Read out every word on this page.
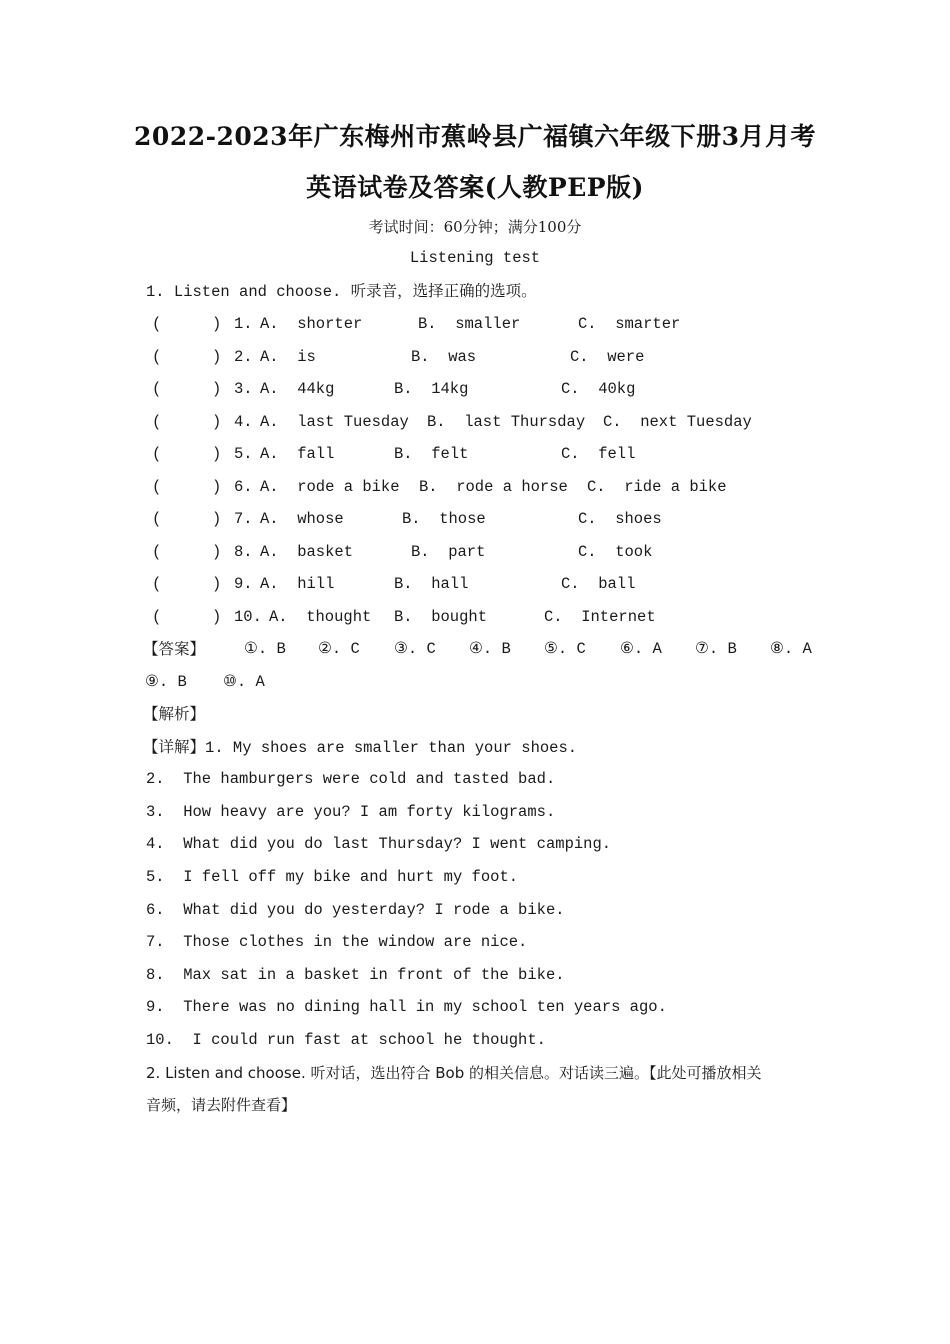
2022-2023年广东梅州市蕉岭县广福镇六年级下册3月月考
英语试卷及答案(人教PEP版)
考试时间：60分钟；满分100分
Listening test
1. Listen and choose. 听录音，选择正确的选项。
(	) 1. A.  shorter	B.  smaller	C.  smarter
(	) 2. A.  is	B.  was	C.  were
(	) 3. A.  44kg	B.  14kg	C.  40kg
(	) 4. A.  last Tuesday B.  last Thursday C.  next Tuesday
(	) 5. A.  fall	B.  felt	C.  fell
(	) 6. A.  rode a bike B.  rode a horse C.  ride a bike
(	) 7. A.  whose	B.  those	C.  shoes
(	) 8. A.  basket	B.  part	C.  took
(	) 9. A.  hill	B.  hall	C.  ball
(	) 10. A.  thought B.  bought	C.  Internet

【答案】

	①. B

②. C

③. C

④. B

⑤. C

⑥. A

⑦. B

⑧. A

⑨. B

⑩. A

【解析】
【详解】1. My shoes are smaller than your shoes.
2.  The hamburgers were cold and tasted bad.
3.  How heavy are you? I am forty kilograms.
4.  What did you do last Thursday? I went camping.
5.  I fell off my bike and hurt my foot.
6.  What did you do yesterday? I rode a bike.
7.  Those clothes in the window are nice.
8.  Max sat in a basket in front of the bike.
9.  There was no dining hall in my school ten years ago.
10.  I could run fast at school he thought.
2. Listen and choose. 听对话，选出符合 Bob 的相关信息。对话读三遍。【此处可播放相关
音频，请去附件查看】
